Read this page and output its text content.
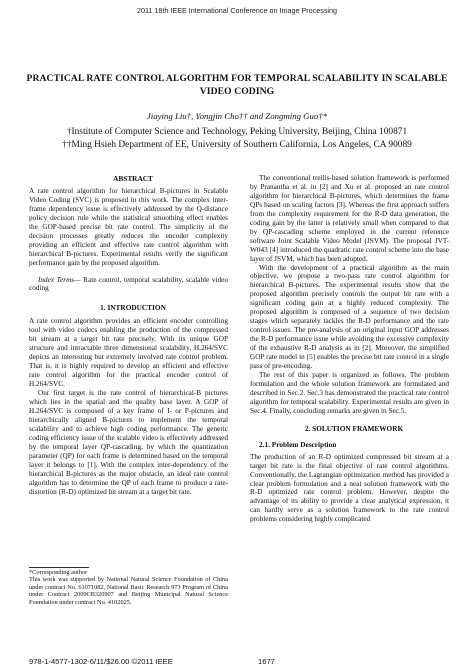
2011 18th IEEE International Conference on Image Processing
PRACTICAL RATE CONTROL ALGORITHM FOR TEMPORAL SCALABILITY IN SCALABLE VIDEO CODING
Jiaying Liu†, Yongjin Cho†† and Zongming Guo†*
†Institute of Computer Science and Technology, Peking University, Beijing, China 100871
††Ming Hsieh Department of EE, University of Southern California, Los Angeles, CA 90089

ABSTRACT

A rate control algorithm for hierarchical B-pictures in Scalable Video Coding (SVC) is proposed in this work. The complex inter-frame dependency issue is effectively addressed by the Q-distance policy decision rule while the statistical smoothing effect enables the GOP-based precise bit rate control. The simplicity of the decision processes greatly reduces the encoder complexity providing an efficient and effective rate control algorithm with hierarchical B-pictures. Experimental results verify the significant performance gain by the proposed algorithm.

Index Terms— Rate control, temporal scalability, scalable video coding

1. INTRODUCTION

A rate control algorithm provides an efficient encoder controlling tool with video codecs enabling the production of the compressed bit stream at a target bit rate precisely. With its unique GOP structure and intractable three dimensional scalability, H.264/SVC depicts an interesting but extremely involved rate control problem. That is, it is highly required to develop an efficient and effective rate control algorithm for the practical encoder control of H.264/SVC.

Our first target is the rate control of hierarchical-B pictures which lies in the spatial and the quality base layer. A GOP of H.264/SVC is composed of a key frame of I- or P-pictures and hierarchically aligned B-pictures to implement the temporal scalability and to achieve high coding performance. The generic coding efficiency issue of the scalable video is effectively addressed by the temporal layer QP-cascading, by which the quantization parameter (QP) for each frame is determined based on the temporal layer it belongs to [1]. With the complex inter-dependency of the hierarchical B-pictures as the major obstacle, an ideal rate control algorithm has to determine the QP of each frame to produce a rate-distortion (R-D) optimized bit stream at a target bit rate.

*Corresponding author

This work was supported by National Natural Science Foundation of China under contract No. 61071082, National Basic Research 973 Program of China under Contract 2009CB320907 and Beijing Municipal Natural Science Foundation under contract No. 4102025.

The conventional trellis-based solution framework is performed by Pranantha et al. in [2] and Xu et al. proposed an rate control algorithm for hierarchical B-pictures, which determines the frame QPs based on scaling factors [3]. Whereas the first approach suffers from the complexity requirement for the R-D data generation, the coding gain by the latter is relatively small when compared to that by QP-cascading scheme employed in the current reference software Joint Scalable Video Model (JSVM). The proposal JVT-W043 [4] introduced the quadratic rate control scheme into the base layer of JSVM, which has been adopted.

With the development of a practical algorithm as the main objective, we propose a two-pass rate control algorithm for hierarchical B-pictures. The experimental results show that the proposed algorithm precisely controls the output bit rate with a significant coding gain at a highly reduced complexity. The proposed algorithm is composed of a sequence of two decision stages which separately tackles the R-D performance and the rate control issues. The pre-analysis of an original input GOP addresses the R-D performance issue while avoiding the excessive complexity of the exhaustive R-D analysis as in [2]. Moreover, the simplified GOP rate model in [5] enables the precise bit rate control in a single pass of pre-encoding.

The rest of this paper is organized as follows. The problem formulation and the whole solution framework are formulated and described in Sec.2. Sec.3 has demonstrated the practical rate control algorithm for temporal scalability. Experimental results are given in Sec.4. Finally, concluding remarks are given in Sec.5.

2. SOLUTION FRAMEWORK

2.1. Problem Description

The production of an R-D optimized compressed bit stream at a target bit rate is the final objective of rate control algorithms. Conventionally, the Lagrangian optimization method has provided a clear problem formulation and a neat solution framework with the R-D optimized rate control problem. However, despite the advantage of its ability to provide a clear analytical expression, it can hardly serve as a solution framework to the rate control problems considering highly complicated

978-1-4577-1302-6/11/$26.00 ©2011 IEEE	1677
